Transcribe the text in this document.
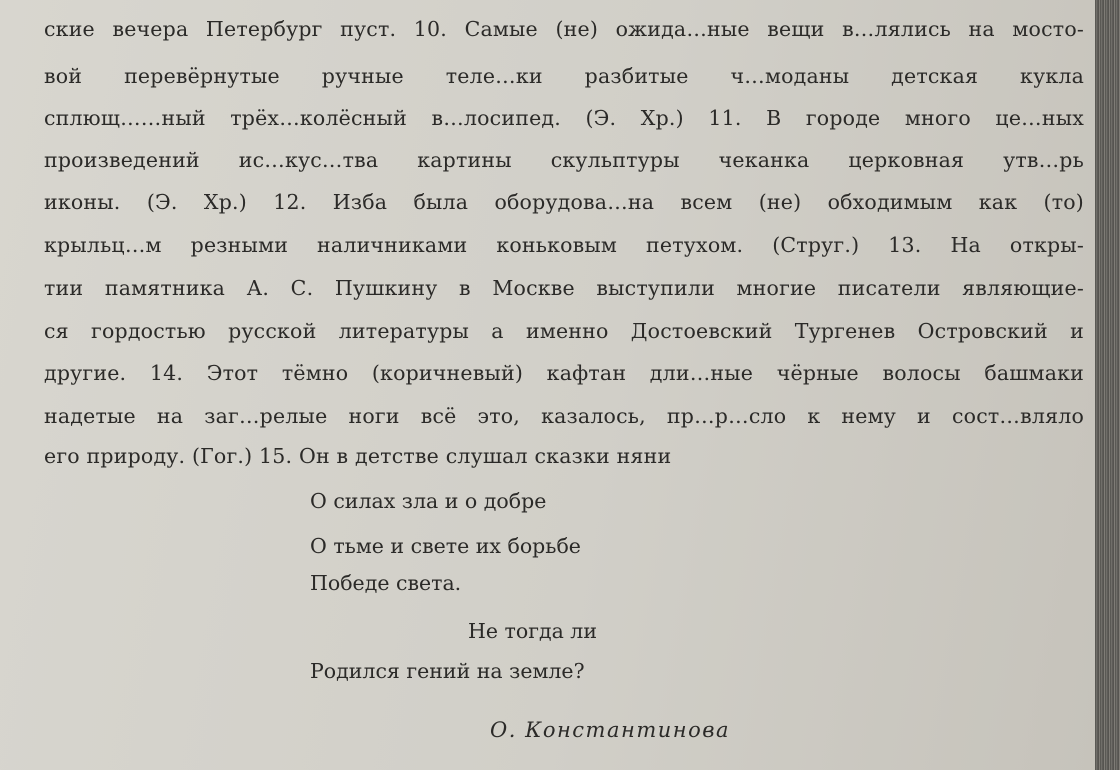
ские вечера Петербург пуст. 10. Самые (не) ожида…ные вещи в…лялись на мосто-
вой перевёрнутые ручные теле…ки разбитые ч…моданы детская кукла
сплющ……ный трёх…колёсный в…лосипед. (Э. Хр.) 11. В городе много це…ных
произведений ис…кус…тва картины скульптуры чеканка церковная утв…рь
иконы. (Э. Хр.) 12. Изба была оборудова…на всем (не) обходимым как (то)
крыльц…м резными наличниками коньковым петухом. (Струг.) 13. На откры-
тии памятника А. С. Пушкину в Москве выступили многие писатели являющие-
ся гордостью русской литературы а именно Достоевский Тургенев Островский и
другие. 14. Этот тёмно (коричневый) кафтан дли…ные чёрные волосы башмаки
надетые на заг…релые ноги всё это, казалось, пр…р…сло к нему и сост…вляло
его природу. (Гог.) 15. Он в детстве слушал сказки няни
О силах зла и о добре
О тьме и свете их борьбе
Победе света.
Не тогда ли
Родился гений на земле?
О. Константинова
